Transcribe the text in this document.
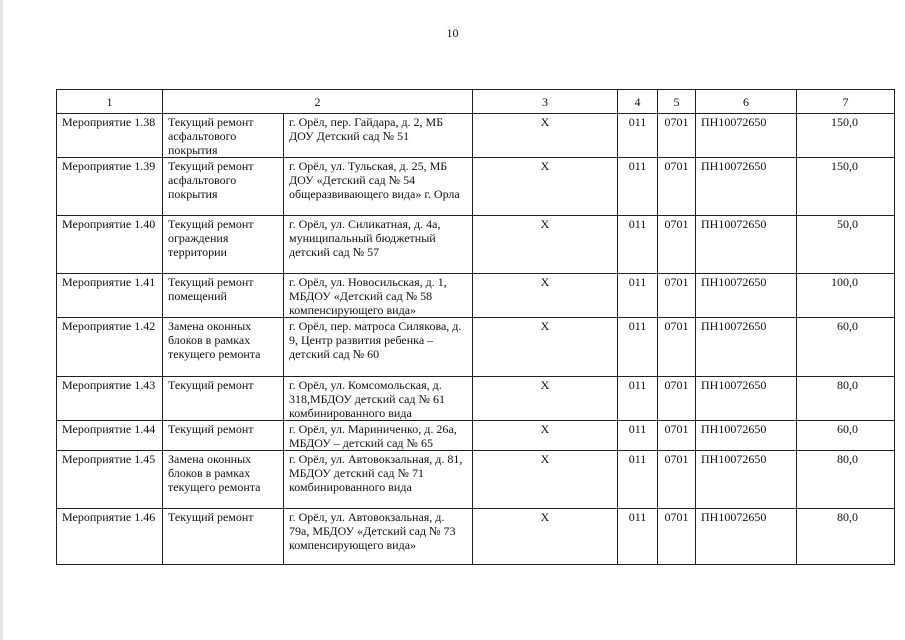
10
1	2		3	4	5	6	7
Мероприятие 1.38	Текущий ремонт асфальтового покрытия	г. Орёл, пер. Гайдара, д. 2, МБ ДОУ Детский сад № 51	Х	011	0701	ПН10072650	150,0
Мероприятие 1.39	Текущий ремонт асфальтового покрытия	г. Орёл, ул. Тульская, д. 25, МБ ДОУ «Детский сад № 54 общеразвивающего вида» г. Орла	Х	011	0701	ПН10072650	150,0
Мероприятие 1.40	Текущий ремонт ограждения территории	г. Орёл, ул. Силикатная, д. 4а, муниципальный бюджетный детский сад № 57	Х	011	0701	ПН10072650	50,0
Мероприятие 1.41	Текущий ремонт помещений	г. Орёл, ул. Новосильская, д. 1, МБДОУ «Детский сад № 58 компенсирующего вида»	Х	011	0701	ПН10072650	100,0
Мероприятие 1.42	Замена оконных блоков в рамках текущего ремонта	г. Орёл, пер. матроса Силякова, д. 9, Центр развития ребенка – детский сад № 60	Х	011	0701	ПН10072650	60,0
Мероприятие 1.43	Текущий ремонт	г. Орёл, ул. Комсомольская, д. 318,МБДОУ детский сад № 61 комбинированного вида	Х	011	0701	ПН10072650	80,0
Мероприятие 1.44	Текущий ремонт	г. Орёл, ул. Мариниченко, д. 26а, МБДОУ – детский сад № 65	Х	011	0701	ПН10072650	60,0
Мероприятие 1.45	Замена оконных блоков в рамках текущего ремонта	г. Орёл, ул. Автовокзальная, д. 81, МБДОУ детский сад № 71 комбинированного вида	Х	011	0701	ПН10072650	80,0
Мероприятие 1.46	Текущий ремонт	г. Орёл, ул. Автовокзальная, д. 79а, МБДОУ «Детский сад № 73 компенсирующего вида»	Х	011	0701	ПН10072650	80,0
